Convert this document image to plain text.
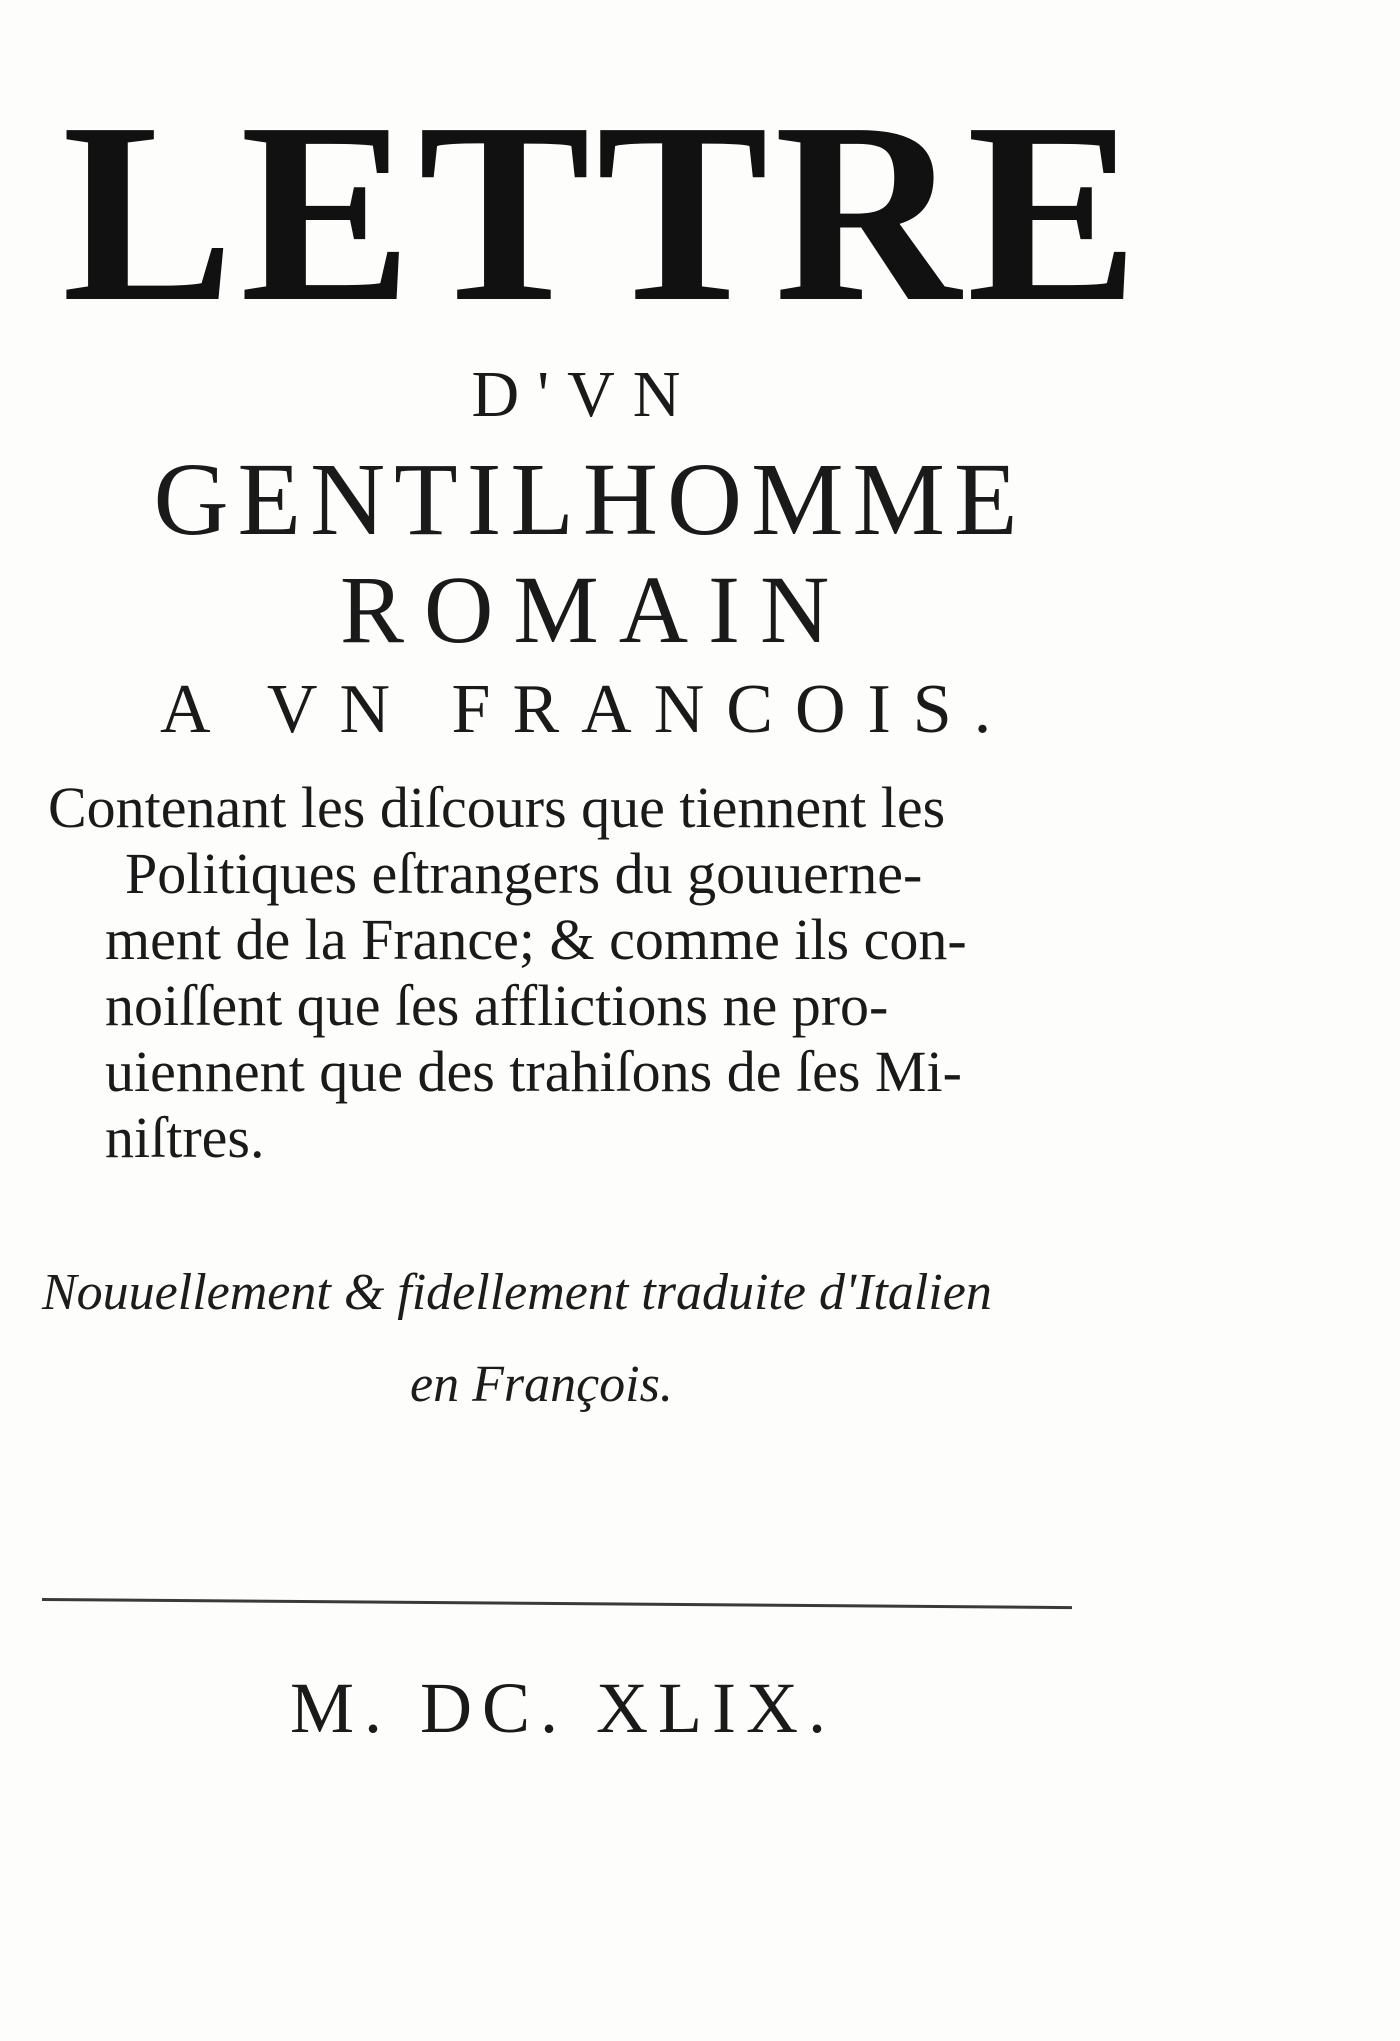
LETTRE
D'VN
GENTILHOMME
ROMAIN
A VN FRANCOIS.
Contenant les diſcours que tiennent les
Politiques eſtrangers du gouuerne-
ment de la France; & comme ils con-
noiſſent que ſes afflictions ne pro-
uiennent que des trahiſons de ſes Mi-
niſtres.
Nouuellement & fidellement traduite d'Italien
en François.
M. DC. XLIX.
